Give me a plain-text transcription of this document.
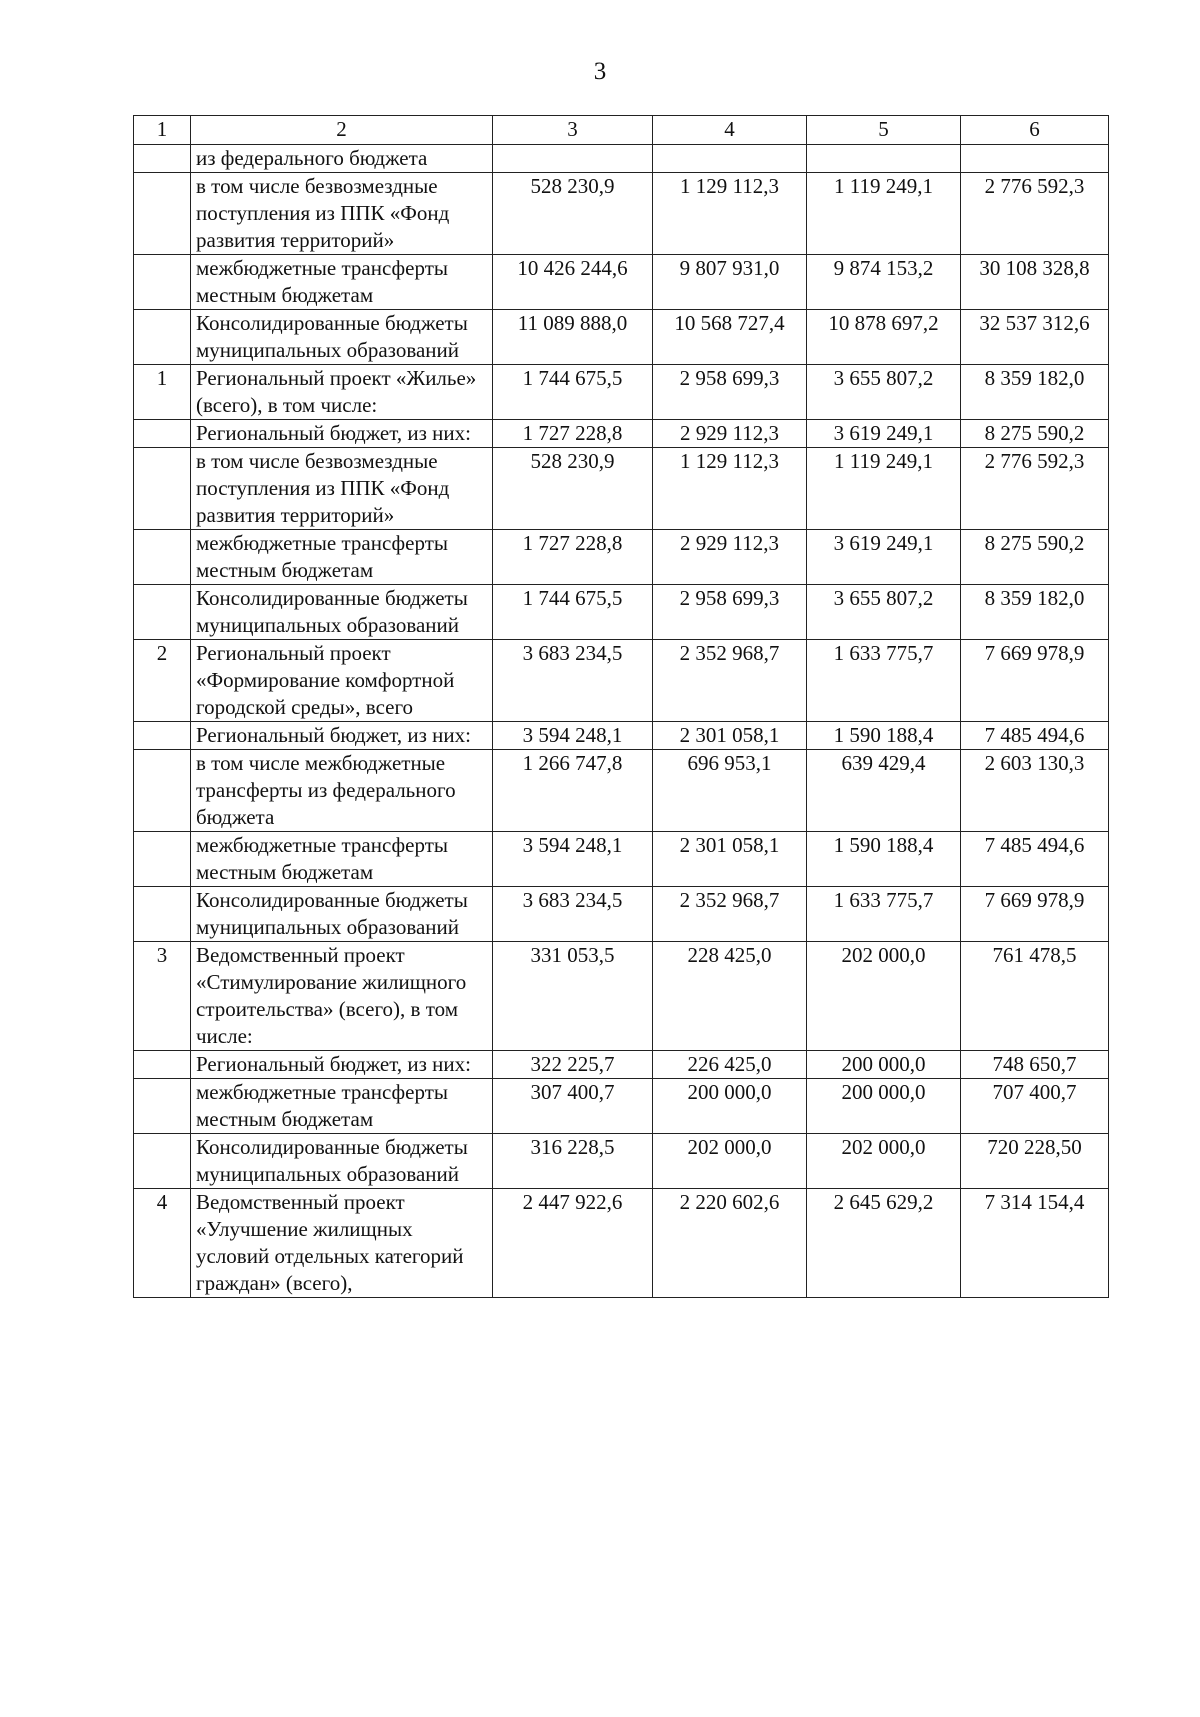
3
1	2	3	4	5	6
	из федерального бюджета				
	в том числе безвозмездные поступления из ППК «Фонд развития территорий»	528 230,9	1 129 112,3	1 119 249,1	2 776 592,3
	межбюджетные трансферты местным бюджетам	10 426 244,6	9 807 931,0	9 874 153,2	30 108 328,8
	Консолидированные бюджеты муниципальных образований	11 089 888,0	10 568 727,4	10 878 697,2	32 537 312,6
1	Региональный проект «Жилье» (всего), в том числе:	1 744 675,5	2 958 699,3	3 655 807,2	8 359 182,0
	Региональный бюджет, из них:	1 727 228,8	2 929 112,3	3 619 249,1	8 275 590,2
	в том числе безвозмездные поступления из ППК «Фонд развития территорий»	528 230,9	1 129 112,3	1 119 249,1	2 776 592,3
	межбюджетные трансферты местным бюджетам	1 727 228,8	2 929 112,3	3 619 249,1	8 275 590,2
	Консолидированные бюджеты муниципальных образований	1 744 675,5	2 958 699,3	3 655 807,2	8 359 182,0
2	Региональный проект «Формирование комфортной городской среды», всего	3 683 234,5	2 352 968,7	1 633 775,7	7 669 978,9
	Региональный бюджет, из них:	3 594 248,1	2 301 058,1	1 590 188,4	7 485 494,6
	в том числе межбюджетные трансферты из федерального бюджета	1 266 747,8	696 953,1	639 429,4	2 603 130,3
	межбюджетные трансферты местным бюджетам	3 594 248,1	2 301 058,1	1 590 188,4	7 485 494,6
	Консолидированные бюджеты муниципальных образований	3 683 234,5	2 352 968,7	1 633 775,7	7 669 978,9
3	Ведомственный проект «Стимулирование жилищного строительства» (всего), в том числе:	331 053,5	228 425,0	202 000,0	761 478,5
	Региональный бюджет, из них:	322 225,7	226 425,0	200 000,0	748 650,7
	межбюджетные трансферты местным бюджетам	307 400,7	200 000,0	200 000,0	707 400,7
	Консолидированные бюджеты муниципальных образований	316 228,5	202 000,0	202 000,0	720 228,50
4	Ведомственный проект «Улучшение жилищных условий отдельных категорий граждан» (всего),	2 447 922,6	2 220 602,6	2 645 629,2	7 314 154,4
